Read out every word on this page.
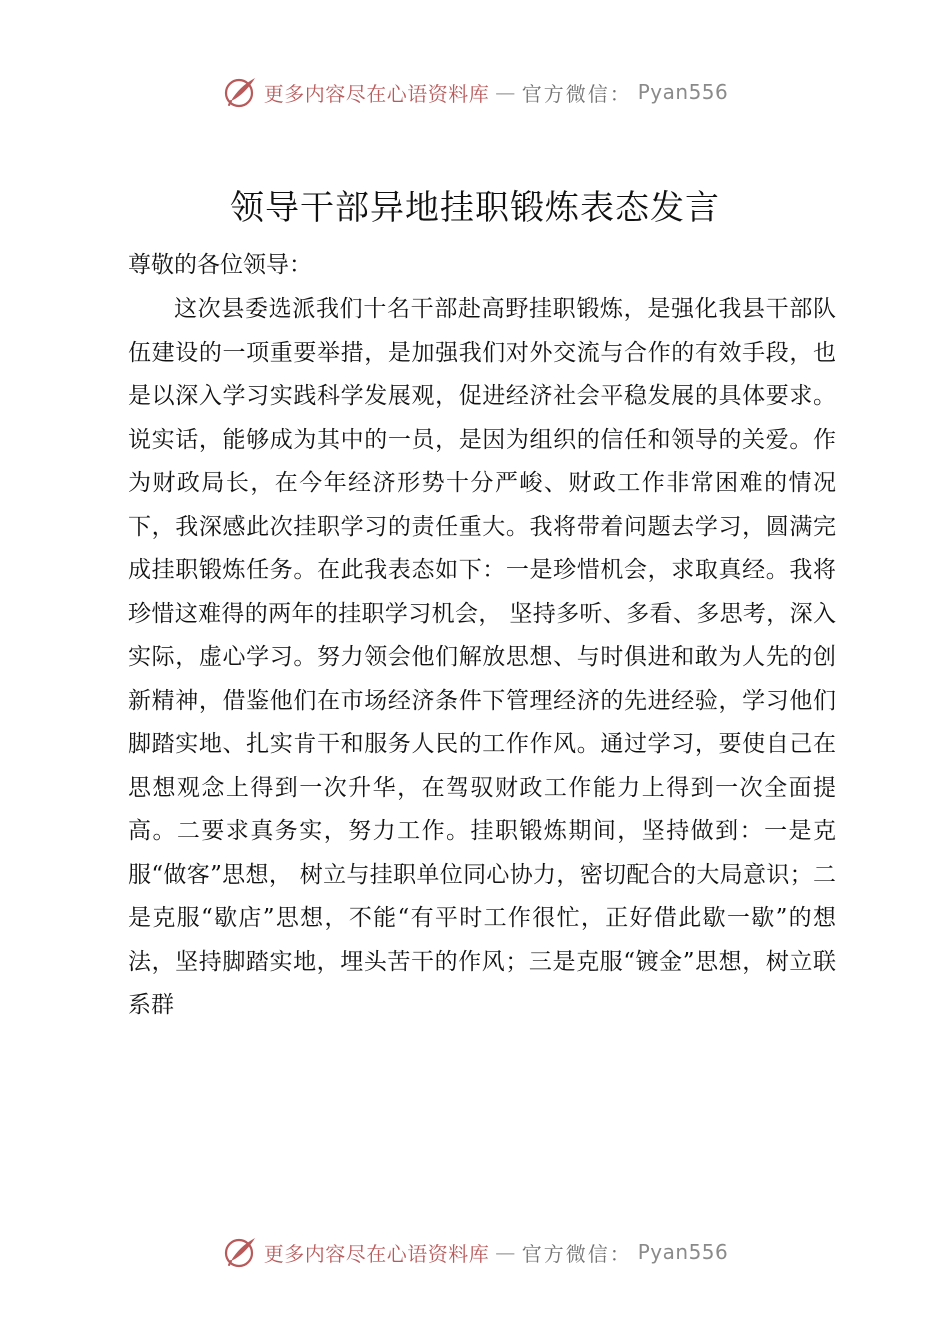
更多内容尽在心语资料库 — 官方微信： Pyan556
领导干部异地挂职锻炼表态发言

尊敬的各位领导：

这次县委选派我们十名干部赴高野挂职锻炼，是强化我县干部队伍建设的一项重要举措，是加强我们对外交流与合作的有效手段，也是以深入学习实践科学发展观，促进经济社会平稳发展的具体要求。说实话，能够成为其中的一员，是因为组织的信任和领导的关爱。作为财政局长，在今年经济形势十分严峻、财政工作非常困难的情况下，我深感此次挂职学习的责任重大。我将带着问题去学习，圆满完成挂职锻炼任务。在此我表态如下：一是珍惜机会，求取真经。我将珍惜这难得的两年的挂职学习机会， 坚持多听、多看、多思考，深入实际，虚心学习。努力领会他们解放思想、与时俱进和敢为人先的创新精神，借鉴他们在市场经济条件下管理经济的先进经验，学习他们脚踏实地、扎实肯干和服务人民的工作作风。通过学习，要使自己在思想观念上得到一次升华，在驾驭财政工作能力上得到一次全面提高。二要求真务实，努力工作。挂职锻炼期间，坚持做到：一是克服“做客”思想， 树立与挂职单位同心协力，密切配合的大局意识；二是克服“歇店”思想，不能“有平时工作很忙，正好借此歇一歇”的想法，坚持脚踏实地，埋头苦干的作风；三是克服“镀金”思想，树立联系群

更多内容尽在心语资料库 — 官方微信： Pyan556
